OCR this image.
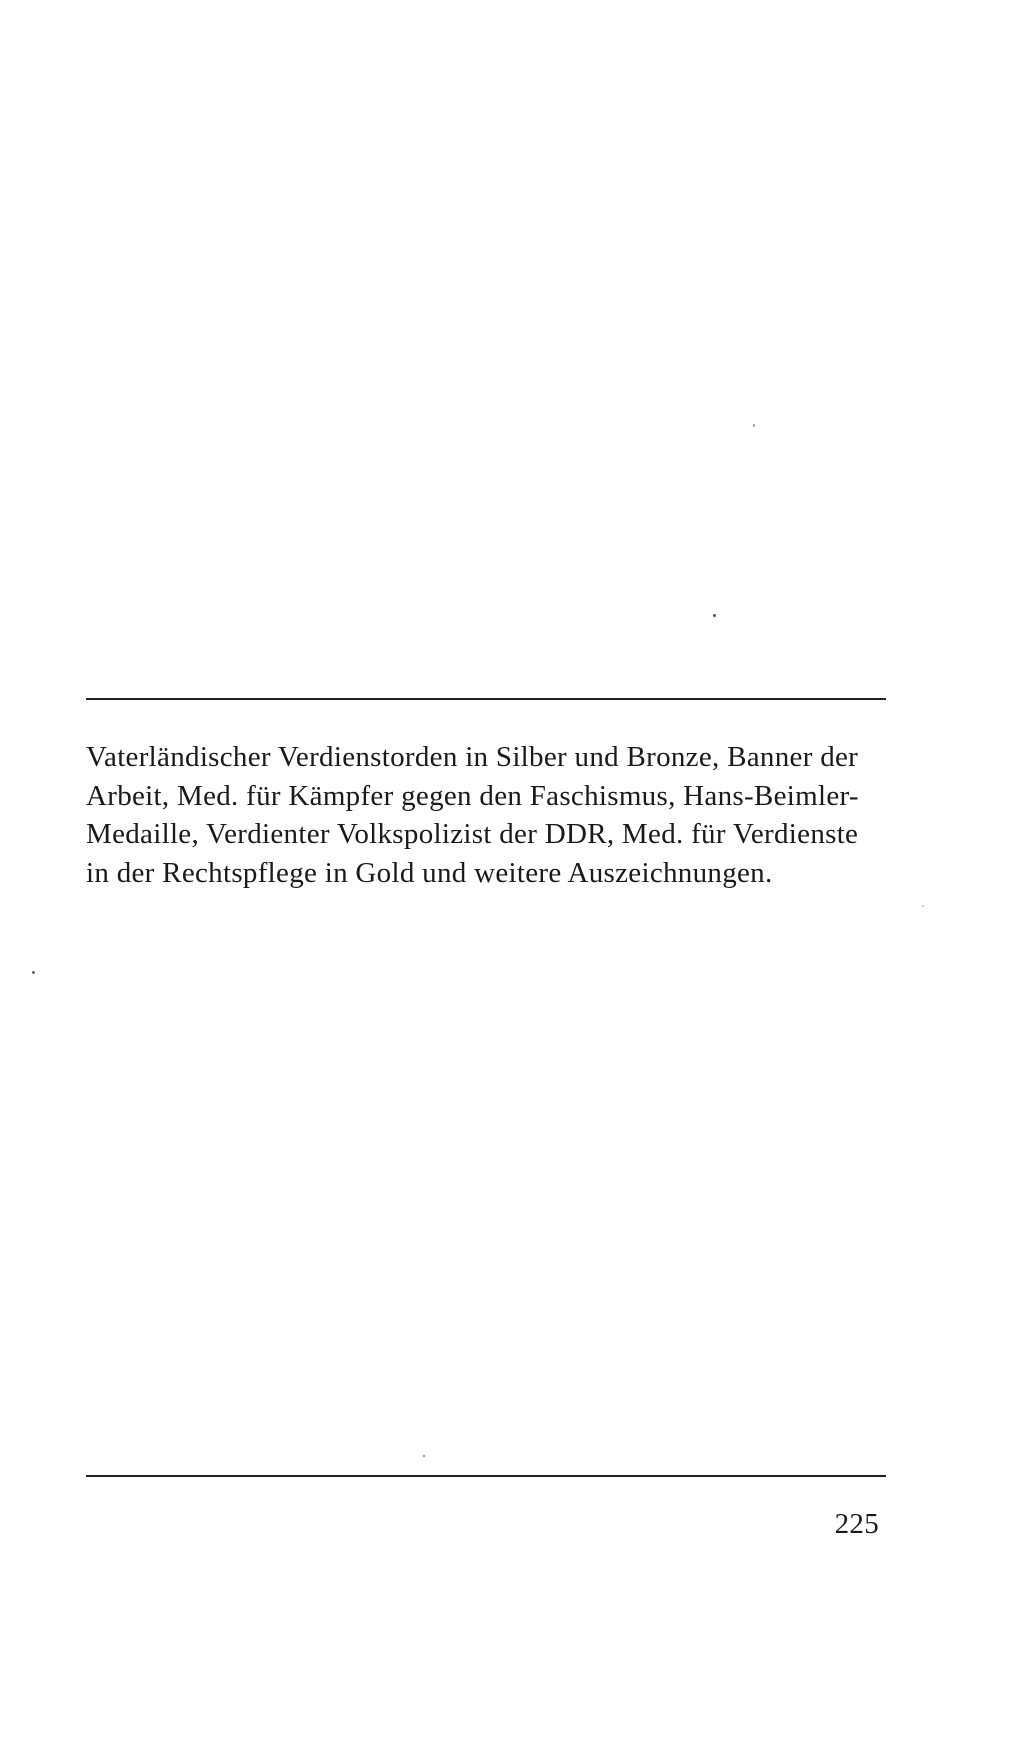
Vaterländischer Verdienstorden in Silber und Bronze, Banner der
Arbeit, Med. für Kämpfer gegen den Faschismus, Hans-Beimler-
Medaille, Verdienter Volkspolizist der DDR, Med. für Verdienste
in der Rechtspflege in Gold und weitere Auszeichnungen.

225
